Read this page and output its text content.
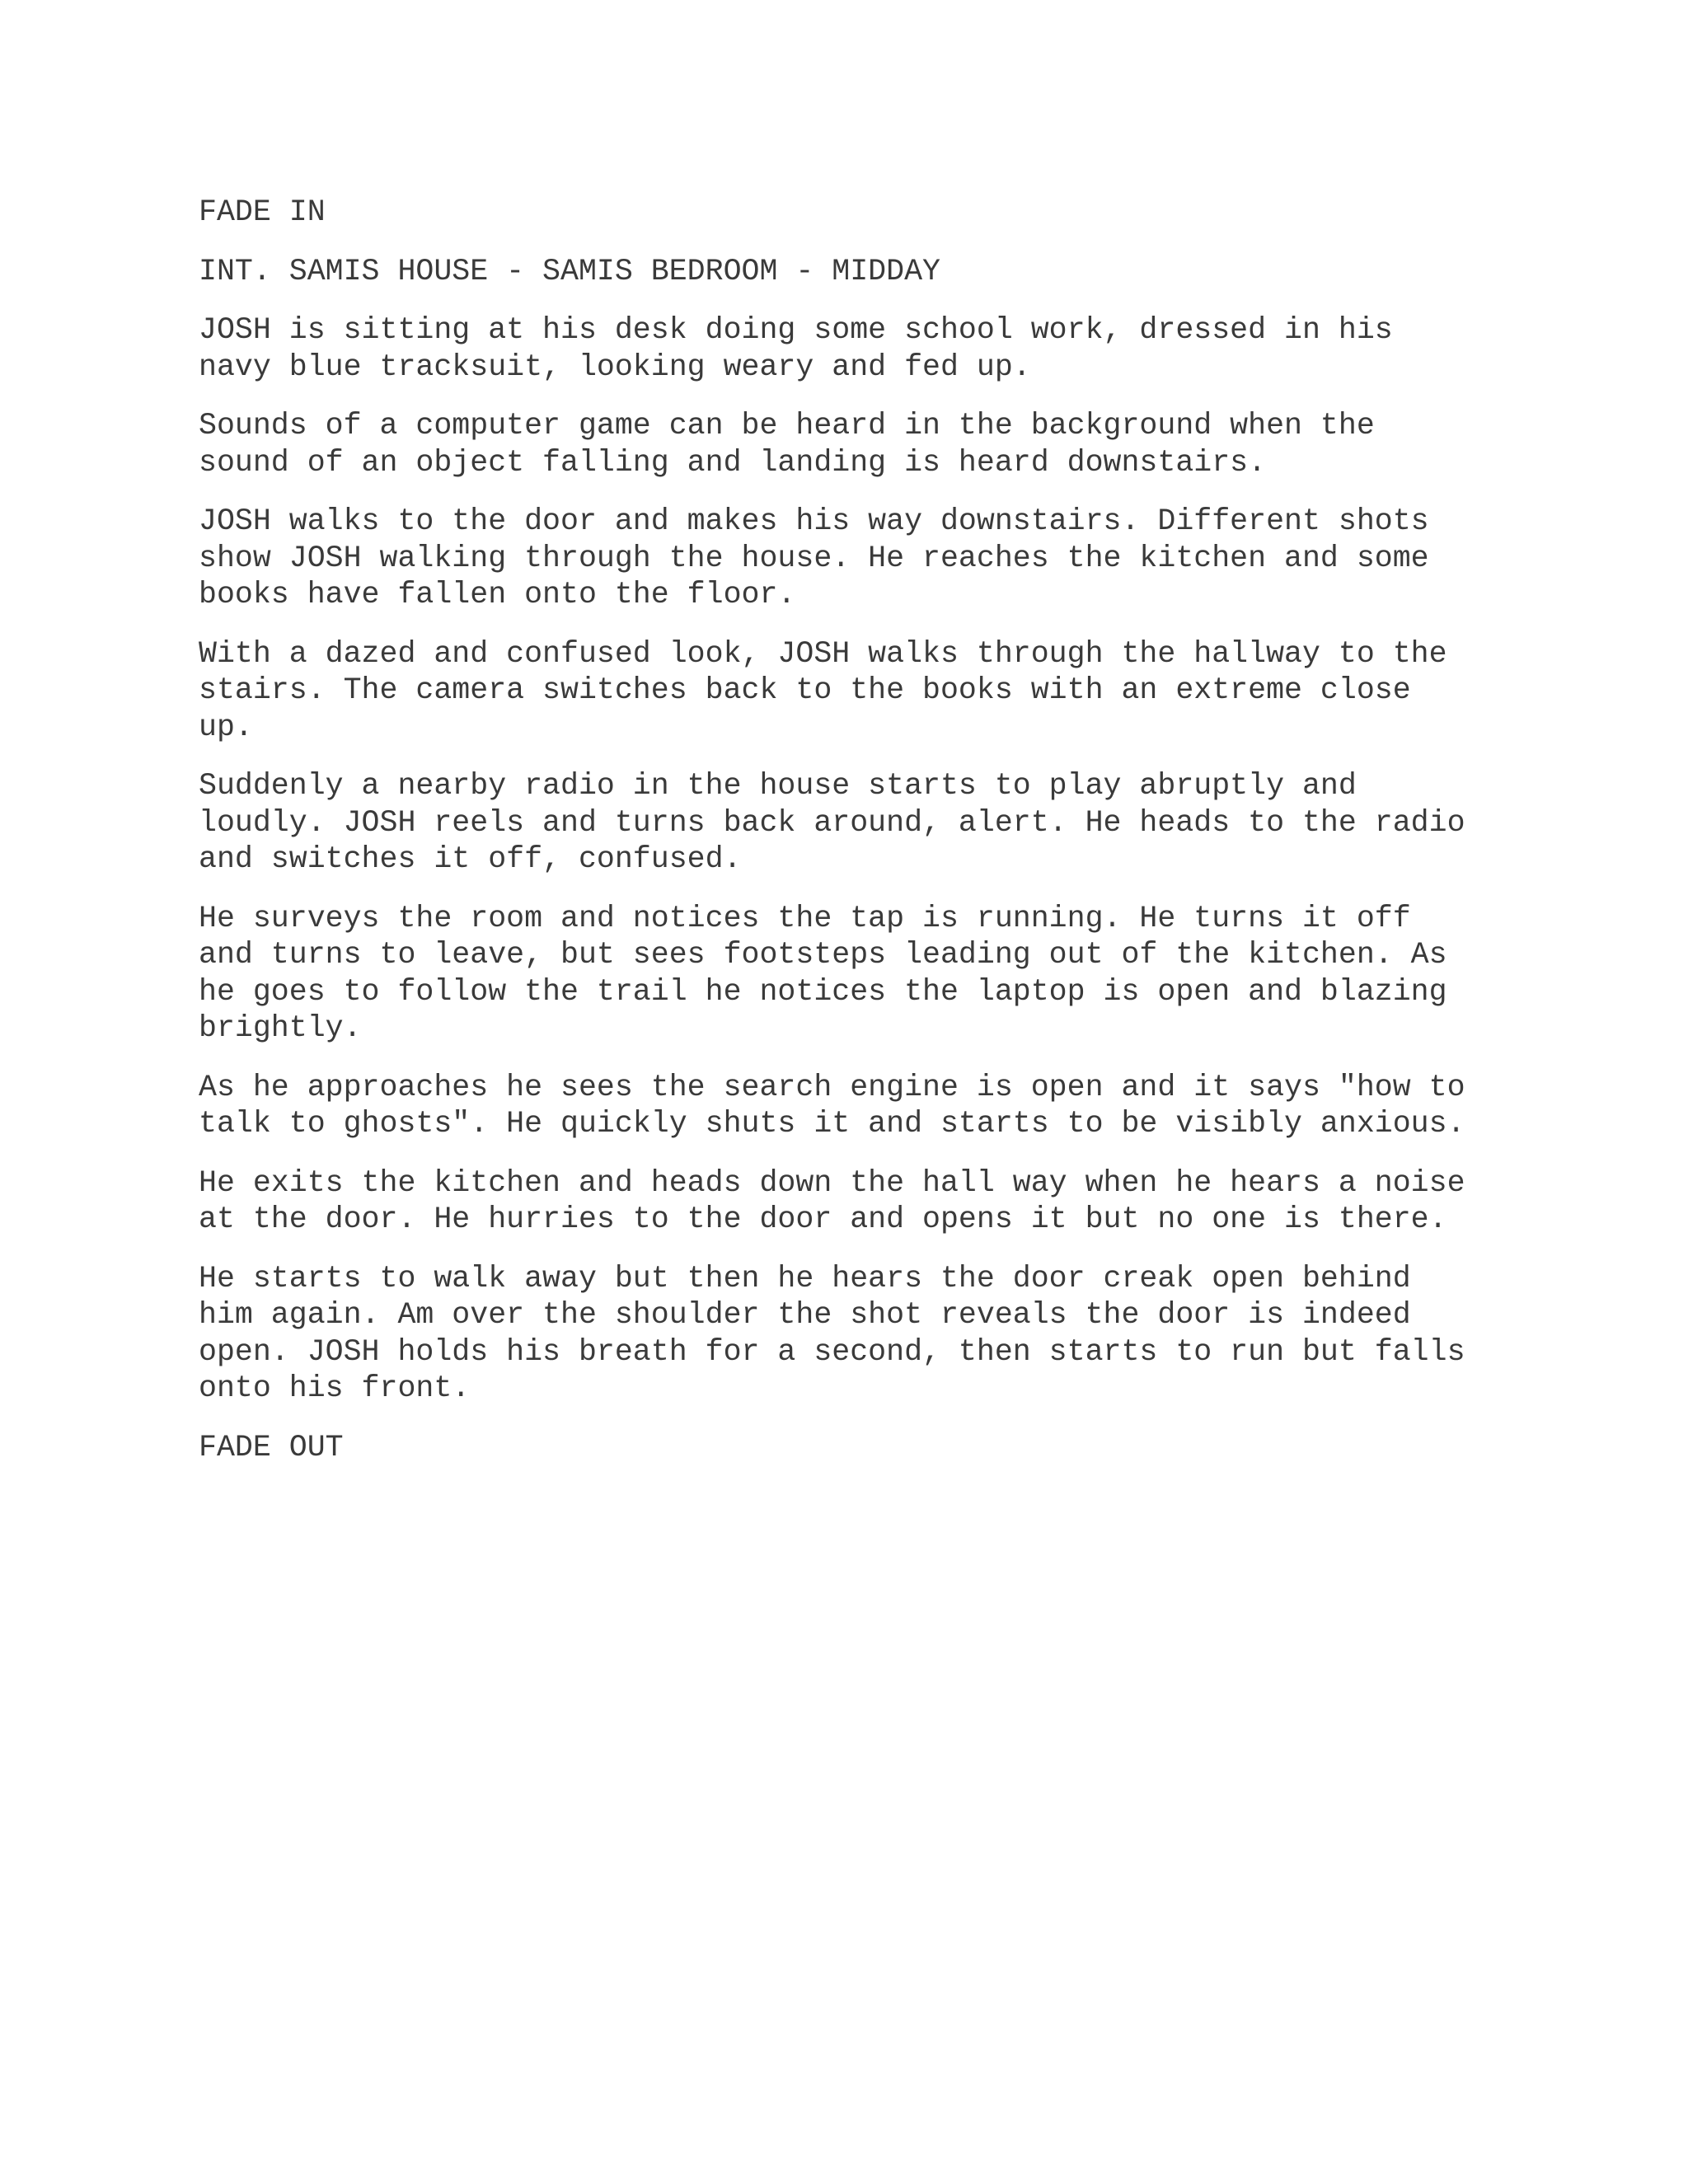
FADE IN
INT. SAMIS HOUSE - SAMIS BEDROOM - MIDDAY
JOSH is sitting at his desk doing some school work, dressed in his
navy blue tracksuit, looking weary and fed up.
Sounds of a computer game can be heard in the background when the
sound of an object falling and landing is heard downstairs.
JOSH walks to the door and makes his way downstairs. Different shots
show JOSH walking through the house. He reaches the kitchen and some
books have fallen onto the floor.
With a dazed and confused look, JOSH walks through the hallway to the
stairs. The camera switches back to the books with an extreme close
up.
Suddenly a nearby radio in the house starts to play abruptly and
loudly. JOSH reels and turns back around, alert. He heads to the radio
and switches it off, confused.
He surveys the room and notices the tap is running. He turns it off
and turns to leave, but sees footsteps leading out of the kitchen. As
he goes to follow the trail he notices the laptop is open and blazing
brightly.
As he approaches he sees the search engine is open and it says "how to
talk to ghosts". He quickly shuts it and starts to be visibly anxious.
He exits the kitchen and heads down the hall way when he hears a noise
at the door. He hurries to the door and opens it but no one is there.
He starts to walk away but then he hears the door creak open behind
him again. Am over the shoulder the shot reveals the door is indeed
open. JOSH holds his breath for a second, then starts to run but falls
onto his front.
FADE OUT
